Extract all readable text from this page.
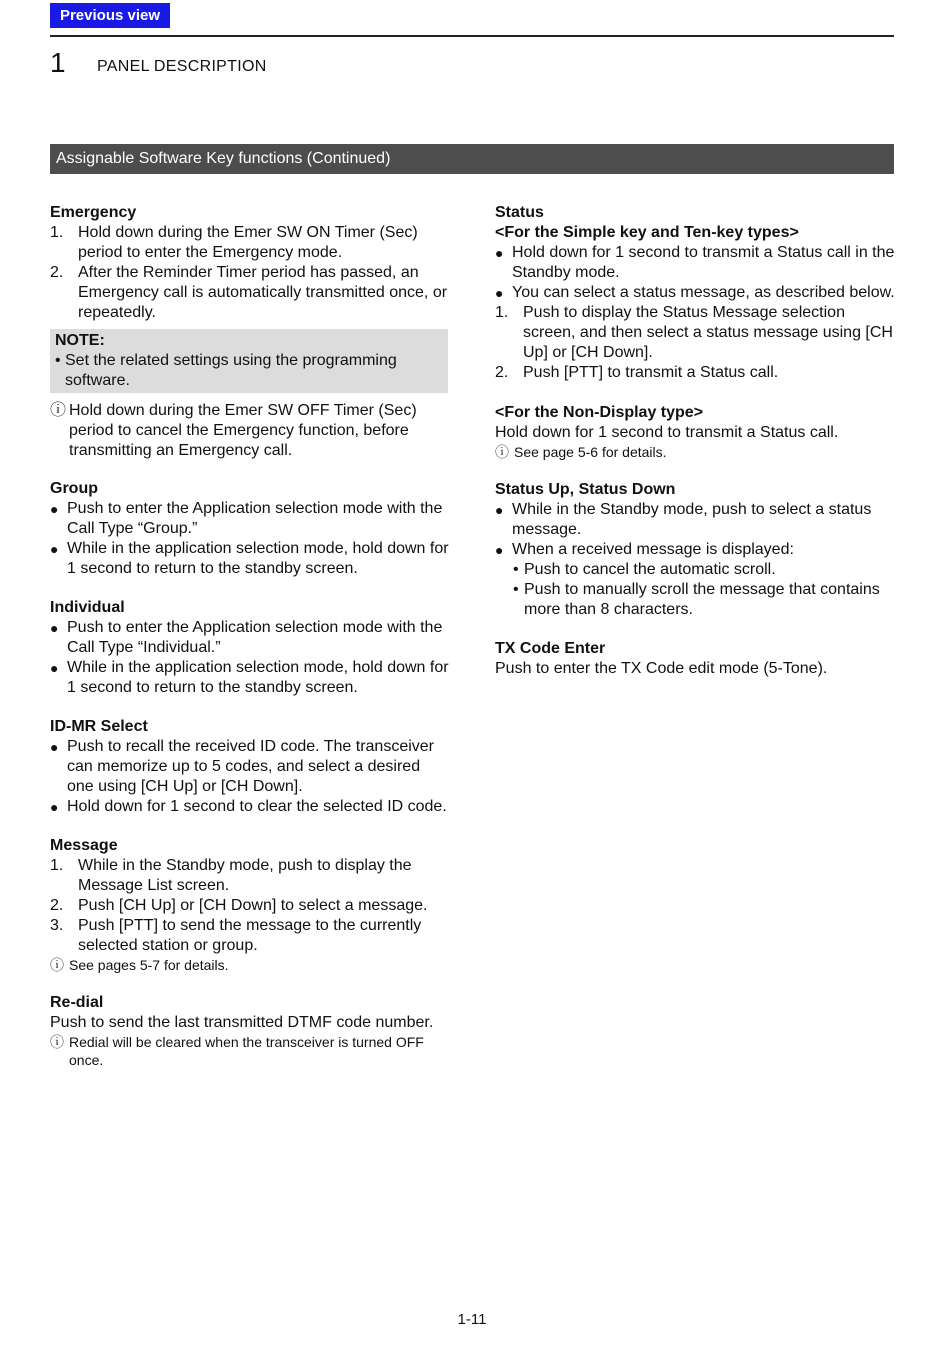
Previous view
1 PANEL DESCRIPTION
Assignable Software Key functions (Continued)
Emergency
1. Hold down during the Emer SW ON Timer (Sec) period to enter the Emergency mode.
2. After the Reminder Timer period has passed, an Emergency call is automatically transmitted once, or repeatedly.
NOTE:
• Set the related settings using the programming software.
ⓘ Hold down during the Emer SW OFF Timer (Sec) period to cancel the Emergency function, before transmitting an Emergency call.
Group
● Push to enter the Application selection mode with the Call Type “Group.”
● While in the application selection mode, hold down for 1 second to return to the standby screen.
Individual
● Push to enter the Application selection mode with the Call Type “Individual.”
● While in the application selection mode, hold down for 1 second to return to the standby screen.
ID-MR Select
● Push to recall the received ID code. The transceiver can memorize up to 5 codes, and select a desired one using [CH Up] or [CH Down].
● Hold down for 1 second to clear the selected ID code.
Message
1. While in the Standby mode, push to display the Message List screen.
2. Push [CH Up] or [CH Down] to select a message.
3. Push [PTT] to send the message to the currently selected station or group.
ⓘ See pages 5-7 for details.
Re-dial
Push to send the last transmitted DTMF code number.
ⓘ Redial will be cleared when the transceiver is turned OFF once.
Status
<For the Simple key and Ten-key types>
● Hold down for 1 second to transmit a Status call in the Standby mode.
● You can select a status message, as described below.
1. Push to display the Status Message selection screen, and then select a status message using [CH Up] or [CH Down].
2. Push [PTT] to transmit a Status call.
<For the Non-Display type>
Hold down for 1 second to transmit a Status call.
ⓘ See page 5-6 for details.
Status Up, Status Down
● While in the Standby mode, push to select a status message.
● When a received message is displayed:
• Push to cancel the automatic scroll.
• Push to manually scroll the message that contains more than 8 characters.
TX Code Enter
Push to enter the TX Code edit mode (5-Tone).
1-11
